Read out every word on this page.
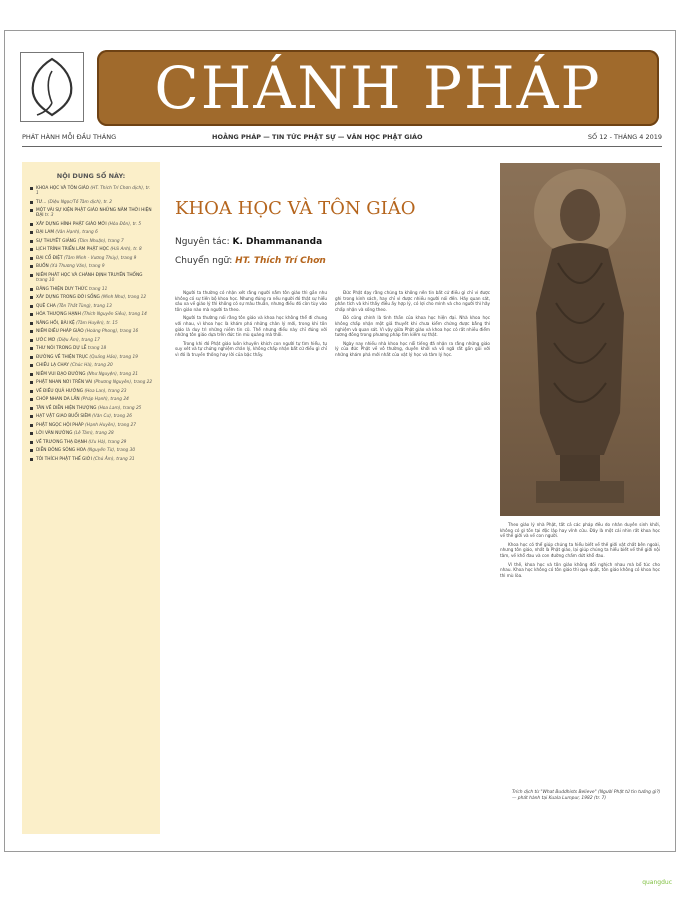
CHÁNH PHÁP
PHÁT HÀNH MỖI ĐẦU THÁNG	HOẰNG PHÁP — TIN TỨC PHẬT SỰ — VĂN HỌC PHẬT GIÁO	SỐ 12 - THÁNG 4 2019
NỘI DUNG SỐ NÀY:
KHOA HỌC VÀ TÔN GIÁO (HT. Thích Trí Chơn dịch), tr. 1
TƯ... (Diệu Ngọc/Tố Tâm dịch), tr. 2
MỘT VÀI SỰ KIỆN PHẬT GIÁO NHỮNG NĂM THỜI HIỆN ĐẠI tr. 3
XÂY DỰNG HÌNH PHẬT GIÁO MỚI (Hòa Đôn), tr. 5
ĐẠI LAM (Vân Hạnh), trang 6
SỰ THUYẾT GIẢNG (Tâm Nhuận), trang 7
LỊCH TRÌNH TRIỂN LÃM PHẬT HỌC (Hải Anh), tr. 8
ĐẠI CỔ ĐIỆT (Tâm Minh - Vương Thúy), trang 9
BUỒN (Xà Thương Văn), trang 9
NIỀM PHÁT HỌC VÀ CHÁNH ĐỊNH TRUYỀN THỐNG trang 10
ĐĂNG THIỆN DUY THỨC trang 11
XÂY DỰNG TRONG ĐỜI SỐNG (Minh Như), trang 12
QUÊ CHA (Tôn Thất Tùng), trang 13
HÓA THƯỢNG HẠNH (Thích Nguyên Siêu), trang 14
NĂNG HỒI, BÀI KỆ (Tâm Huyền), tr. 15
NIỀM ĐIỀU PHÁP GIÁO (Hoàng Phong), trang 16
ƯỚC MƠ (Diệu Âm), trang 17
THƯ NÓI TRONG DỰ LỄ trang 18
ĐƯỜNG VỀ THIỆN TRỤC (Quảng Hảo), trang 19
CHIỀU LẠ CHAY (Chúc Hà), trang 20
NIỀM VUI ĐẠO ĐƯỜNG (Như Nguyện), trang 21
PHẬT NHAN NƠI TRÊN VAI (Phương Nguyên), trang 22
VỀ ĐIỀU QUẢ HƯỚNG (Hoa Lan), trang 23
CHÓP NHAN DA LẦN (Pháp Hạnh), trang 24
TÂN VỀ DIỄN HIỆN THƯỢNG (Hoa Lam), trang 25
HẠT VẬT GIAO BUỔI SIÊM (Văn Cư), trang 26
PHẬT NGỌC HỘI PHÁP (Hạnh Huyền), trang 27
LỜI VÀN NƯỚNG (Lê Tâm), trang 28
VỀ TRƯƠNG THẠ ĐẠNH (Ưu Hà), trang 29
DIỄN ĐÔNG SÔNG HOA (Nguyên Từ), trang 30
TÔI THÍCH PHẬT THẾ GIỚI (Chú Âm), trang 31
KHOA HỌC VÀ TÔN GIÁO
Nguyên tác: K. Dhammananda
Chuyển ngữ: HT. Thích Trí Chơn

Người ta thường có nhận xét rằng người nắm tôn giáo thì gần như không có sự tiến bộ khoa học. Nhưng đúng ra nếu người đó thật sự hiểu sâu xa về giáo lý thì không có sự mâu thuẫn, nhưng điều đó còn tùy vào tôn giáo nào mà người ta theo.

Người ta thường nói rằng tôn giáo và khoa học không thể đi chung với nhau, vì khoa học là khám phá những chân lý mới, trong khi tôn giáo là duy trì những niềm tin cũ. Thế nhưng điều này chỉ đúng với những tôn giáo dựa trên đức tin mù quáng mà thôi.

Trong khi đó Phật giáo luôn khuyến khích con người tự tìm hiểu, tự suy xét và tự chứng nghiệm chân lý, không chấp nhận bất cứ điều gì chỉ vì đó là truyền thống hay lời của bậc thầy.

Đức Phật dạy rằng chúng ta không nên tin bất cứ điều gì chỉ vì được ghi trong kinh sách, hay chỉ vì được nhiều người nói đến. Hãy quan sát, phân tích và khi thấy điều ấy hợp lý, có lợi cho mình và cho người thì hãy chấp nhận và sống theo.

Đó cũng chính là tinh thần của khoa học hiện đại. Nhà khoa học không chấp nhận một giả thuyết khi chưa kiểm chứng được bằng thí nghiệm và quan sát. Vì vậy giữa Phật giáo và khoa học có rất nhiều điểm tương đồng trong phương pháp tìm kiếm sự thật.

Ngày nay nhiều nhà khoa học nổi tiếng đã nhận ra rằng những giáo lý của đức Phật về vô thường, duyên khởi và vô ngã rất gần gũi với những khám phá mới nhất của vật lý học và tâm lý học.

Theo giáo lý nhà Phật, tất cả các pháp đều do nhân duyên sinh khởi, không có gì tồn tại độc lập hay vĩnh cửu. Đây là một cái nhìn rất khoa học về thế giới và về con người.

Khoa học có thể giúp chúng ta hiểu biết về thế giới vật chất bên ngoài, nhưng tôn giáo, nhất là Phật giáo, lại giúp chúng ta hiểu biết về thế giới nội tâm, về khổ đau và con đường chấm dứt khổ đau.

Vì thế, khoa học và tôn giáo không đối nghịch nhau mà bổ túc cho nhau. Khoa học không có tôn giáo thì què quặt, tôn giáo không có khoa học thì mù lòa.

Trích dịch từ "What Buddhists Believe" (Người Phật tử tin tưởng gì?) — phát hành tại Kuala Lumpur, 1982 (tr. 7)
quangduc
